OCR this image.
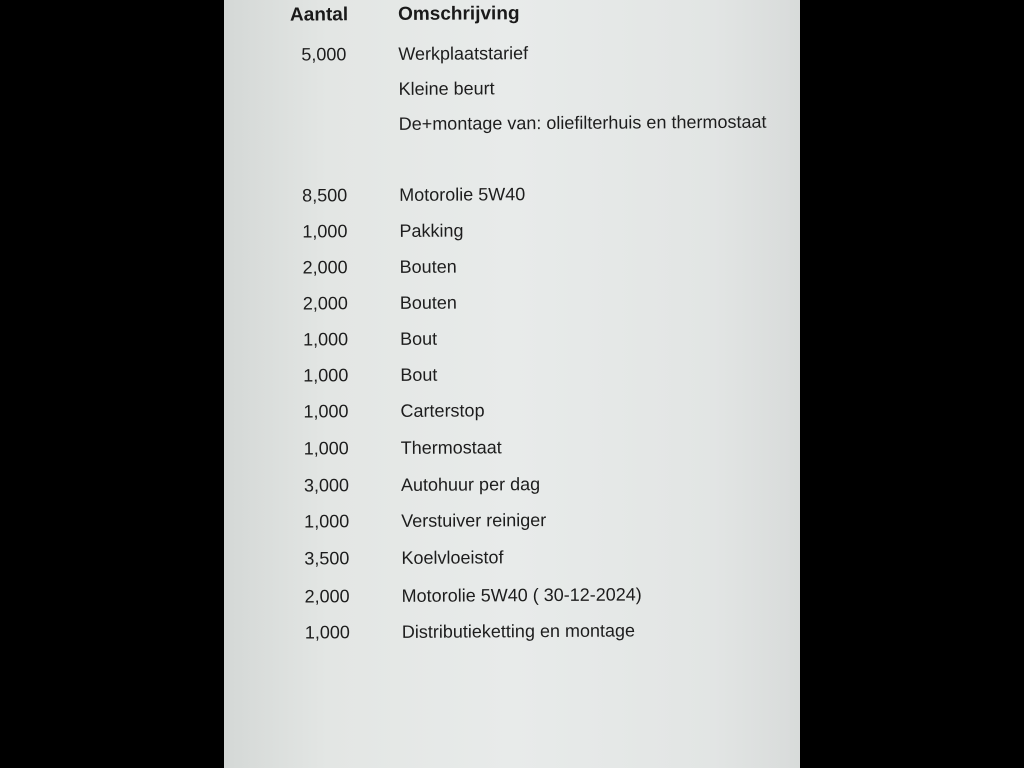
Aantal	Omschrijving
5,000	Werkplaatstarief
Kleine beurt
De+montage van: oliefilterhuis en thermostaat
8,500	Motorolie 5W40
1,000	Pakking
2,000	Bouten
2,000	Bouten
1,000	Bout
1,000	Bout
1,000	Carterstop
1,000	Thermostaat
3,000	Autohuur per dag
1,000	Verstuiver reiniger
3,500	Koelvloeistof
2,000	Motorolie 5W40 ( 30-12-2024)
1,000	Distributieketting en montage
